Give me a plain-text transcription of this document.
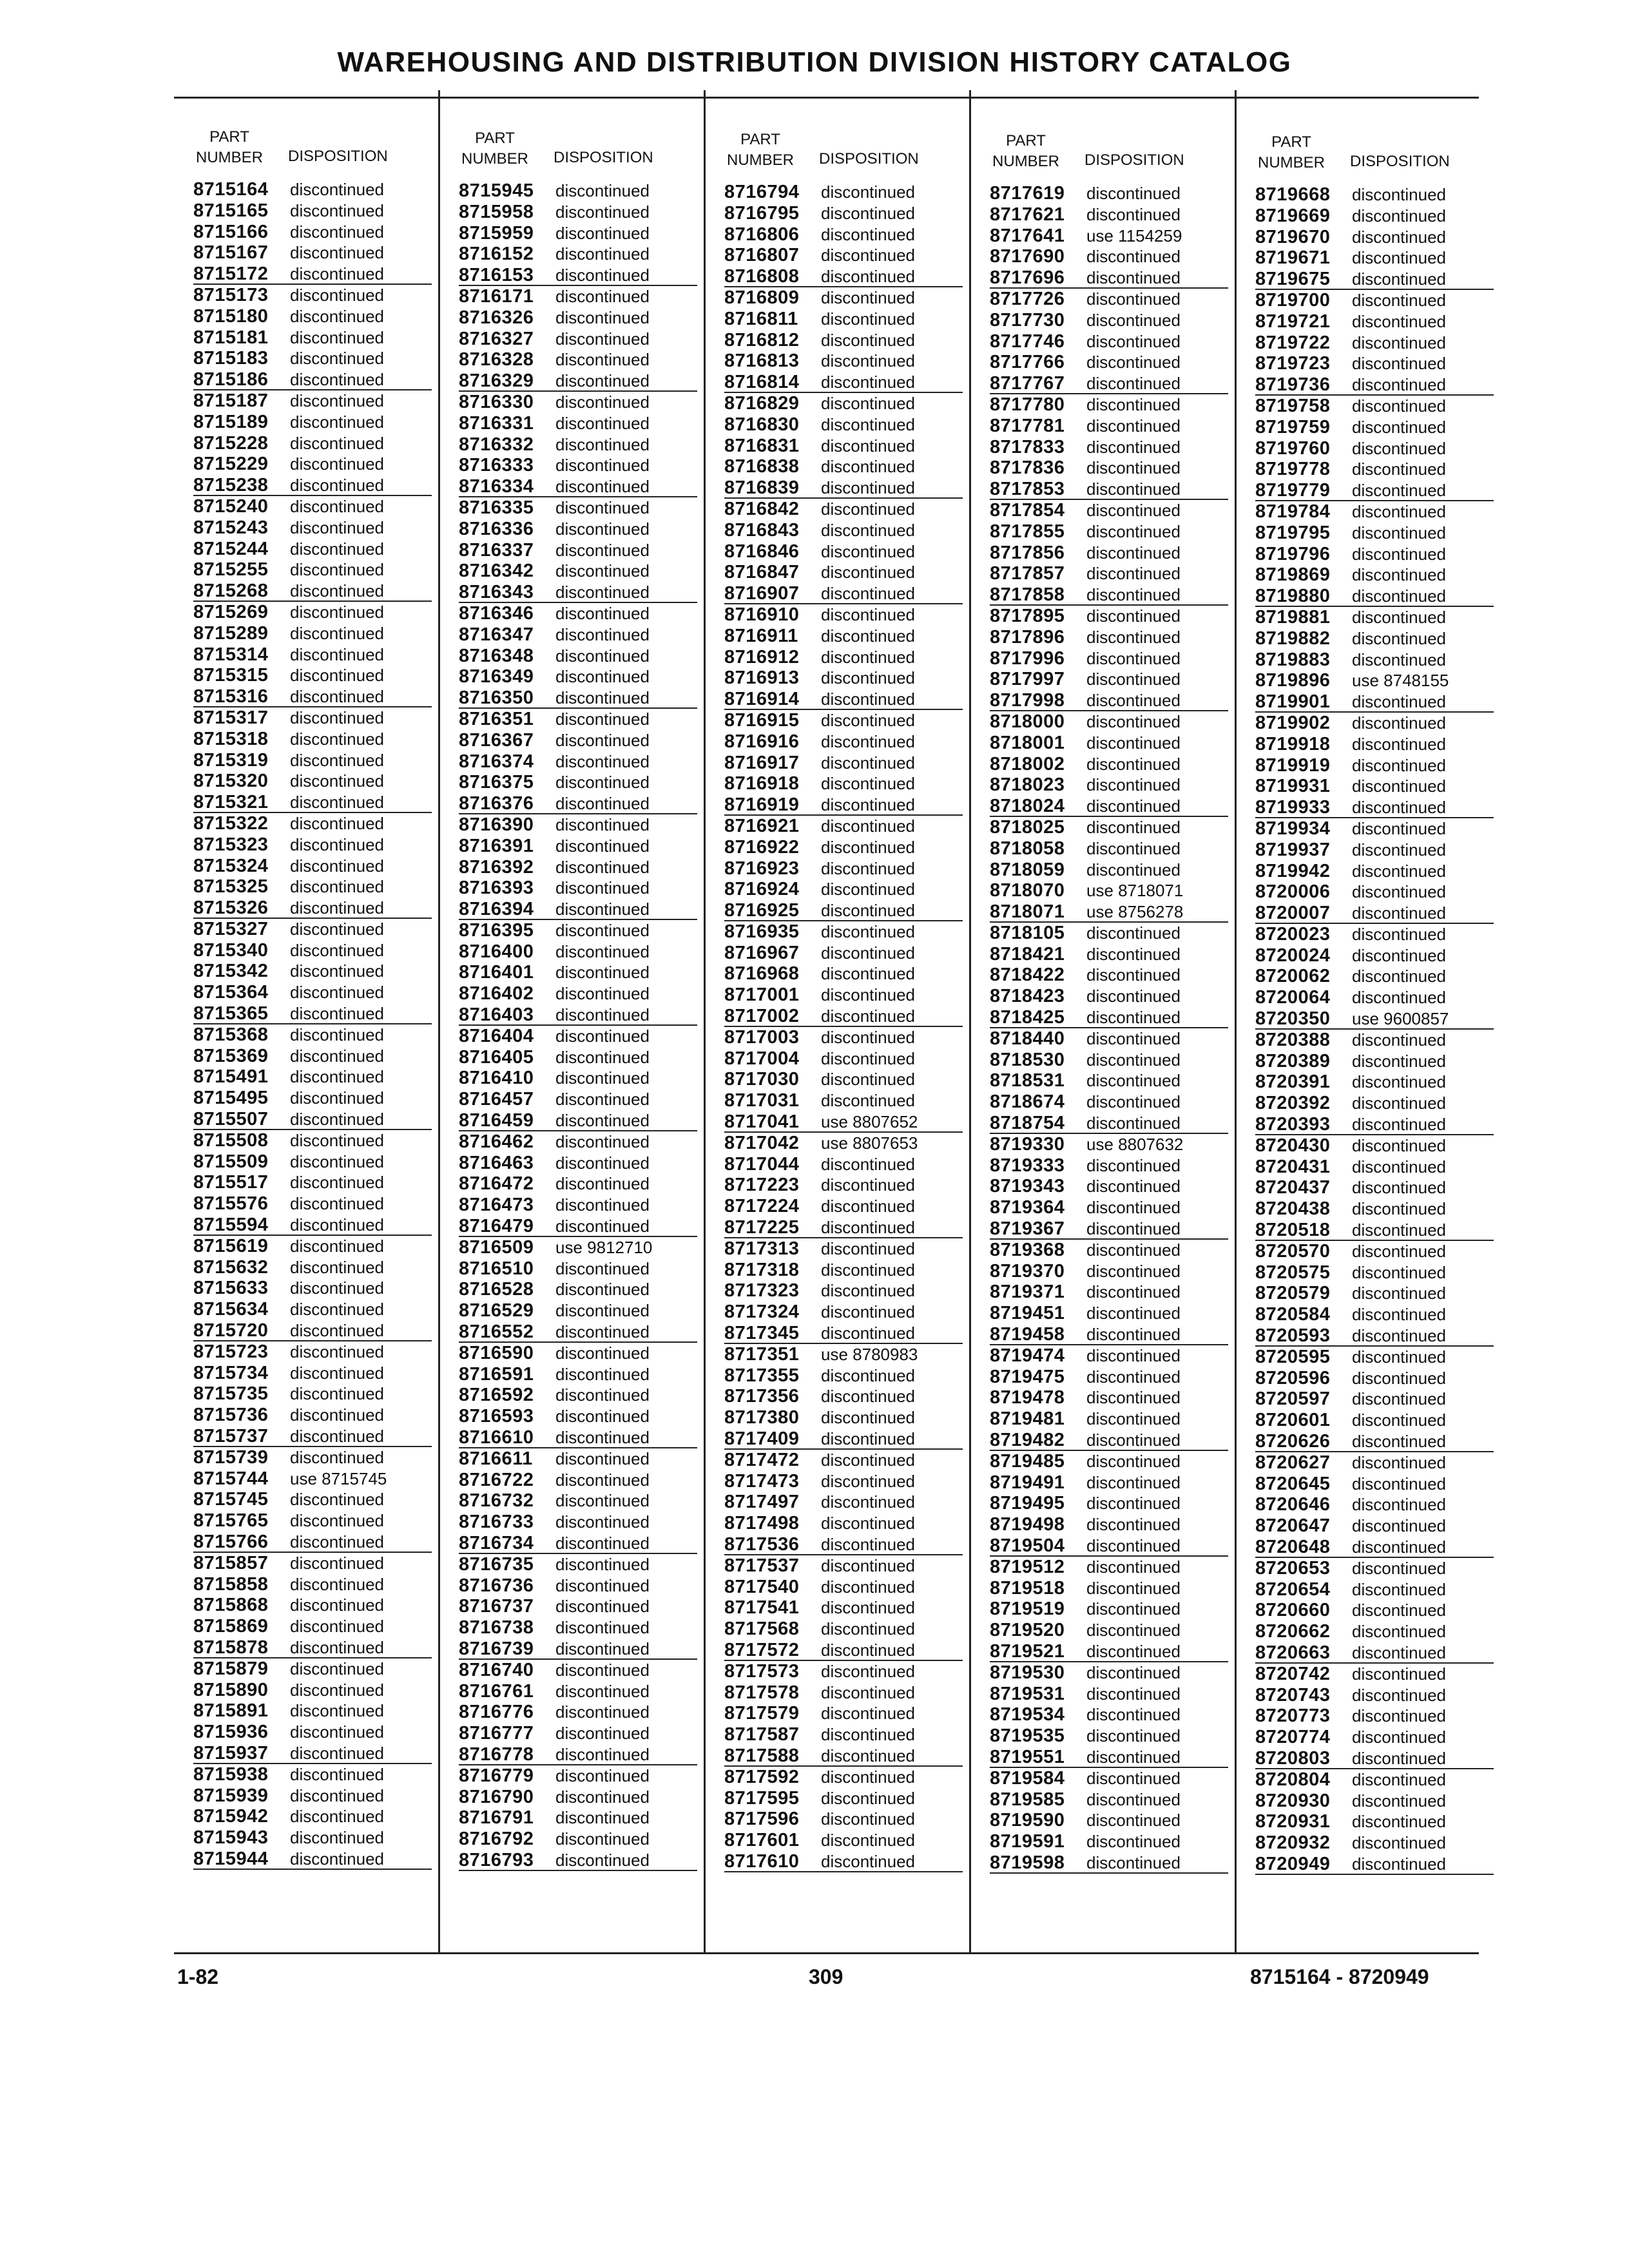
WAREHOUSING AND DISTRIBUTION DIVISION HISTORY CATALOG
PART
NUMBER DISPOSITION
8715164 discontinued
8715165 discontinued
8715166 discontinued
8715167 discontinued
8715172 discontinued
8715173 discontinued
8715180 discontinued
8715181 discontinued
8715183 discontinued
8715186 discontinued
8715187 discontinued
8715189 discontinued
8715228 discontinued
8715229 discontinued
8715238 discontinued
8715240 discontinued
8715243 discontinued
8715244 discontinued
8715255 discontinued
8715268 discontinued
8715269 discontinued
8715289 discontinued
8715314 discontinued
8715315 discontinued
8715316 discontinued
8715317 discontinued
8715318 discontinued
8715319 discontinued
8715320 discontinued
8715321 discontinued
8715322 discontinued
8715323 discontinued
8715324 discontinued
8715325 discontinued
8715326 discontinued
8715327 discontinued
8715340 discontinued
8715342 discontinued
8715364 discontinued
8715365 discontinued
8715368 discontinued
8715369 discontinued
8715491 discontinued
8715495 discontinued
8715507 discontinued
8715508 discontinued
8715509 discontinued
8715517 discontinued
8715576 discontinued
8715594 discontinued
8715619 discontinued
8715632 discontinued
8715633 discontinued
8715634 discontinued
8715720 discontinued
8715723 discontinued
8715734 discontinued
8715735 discontinued
8715736 discontinued
8715737 discontinued
8715739 discontinued
8715744 use 8715745
8715745 discontinued
8715765 discontinued
8715766 discontinued
8715857 discontinued
8715858 discontinued
8715868 discontinued
8715869 discontinued
8715878 discontinued
8715879 discontinued
8715890 discontinued
8715891 discontinued
8715936 discontinued
8715937 discontinued
8715938 discontinued
8715939 discontinued
8715942 discontinued
8715943 discontinued
8715944 discontinued
PART
NUMBER DISPOSITION
8715945 discontinued
8715958 discontinued
8715959 discontinued
8716152 discontinued
8716153 discontinued
8716171 discontinued
8716326 discontinued
8716327 discontinued
8716328 discontinued
8716329 discontinued
8716330 discontinued
8716331 discontinued
8716332 discontinued
8716333 discontinued
8716334 discontinued
8716335 discontinued
8716336 discontinued
8716337 discontinued
8716342 discontinued
8716343 discontinued
8716346 discontinued
8716347 discontinued
8716348 discontinued
8716349 discontinued
8716350 discontinued
8716351 discontinued
8716367 discontinued
8716374 discontinued
8716375 discontinued
8716376 discontinued
8716390 discontinued
8716391 discontinued
8716392 discontinued
8716393 discontinued
8716394 discontinued
8716395 discontinued
8716400 discontinued
8716401 discontinued
8716402 discontinued
8716403 discontinued
8716404 discontinued
8716405 discontinued
8716410 discontinued
8716457 discontinued
8716459 discontinued
8716462 discontinued
8716463 discontinued
8716472 discontinued
8716473 discontinued
8716479 discontinued
8716509 use 9812710
8716510 discontinued
8716528 discontinued
8716529 discontinued
8716552 discontinued
8716590 discontinued
8716591 discontinued
8716592 discontinued
8716593 discontinued
8716610 discontinued
8716611 discontinued
8716722 discontinued
8716732 discontinued
8716733 discontinued
8716734 discontinued
8716735 discontinued
8716736 discontinued
8716737 discontinued
8716738 discontinued
8716739 discontinued
8716740 discontinued
8716761 discontinued
8716776 discontinued
8716777 discontinued
8716778 discontinued
8716779 discontinued
8716790 discontinued
8716791 discontinued
8716792 discontinued
8716793 discontinued
PART
NUMBER DISPOSITION
8716794 discontinued
8716795 discontinued
8716806 discontinued
8716807 discontinued
8716808 discontinued
8716809 discontinued
8716811 discontinued
8716812 discontinued
8716813 discontinued
8716814 discontinued
8716829 discontinued
8716830 discontinued
8716831 discontinued
8716838 discontinued
8716839 discontinued
8716842 discontinued
8716843 discontinued
8716846 discontinued
8716847 discontinued
8716907 discontinued
8716910 discontinued
8716911 discontinued
8716912 discontinued
8716913 discontinued
8716914 discontinued
8716915 discontinued
8716916 discontinued
8716917 discontinued
8716918 discontinued
8716919 discontinued
8716921 discontinued
8716922 discontinued
8716923 discontinued
8716924 discontinued
8716925 discontinued
8716935 discontinued
8716967 discontinued
8716968 discontinued
8717001 discontinued
8717002 discontinued
8717003 discontinued
8717004 discontinued
8717030 discontinued
8717031 discontinued
8717041 use 8807652
8717042 use 8807653
8717044 discontinued
8717223 discontinued
8717224 discontinued
8717225 discontinued
8717313 discontinued
8717318 discontinued
8717323 discontinued
8717324 discontinued
8717345 discontinued
8717351 use 8780983
8717355 discontinued
8717356 discontinued
8717380 discontinued
8717409 discontinued
8717472 discontinued
8717473 discontinued
8717497 discontinued
8717498 discontinued
8717536 discontinued
8717537 discontinued
8717540 discontinued
8717541 discontinued
8717568 discontinued
8717572 discontinued
8717573 discontinued
8717578 discontinued
8717579 discontinued
8717587 discontinued
8717588 discontinued
8717592 discontinued
8717595 discontinued
8717596 discontinued
8717601 discontinued
8717610 discontinued
PART
NUMBER DISPOSITION
8717619 discontinued
8717621 discontinued
8717641 use 1154259
8717690 discontinued
8717696 discontinued
8717726 discontinued
8717730 discontinued
8717746 discontinued
8717766 discontinued
8717767 discontinued
8717780 discontinued
8717781 discontinued
8717833 discontinued
8717836 discontinued
8717853 discontinued
8717854 discontinued
8717855 discontinued
8717856 discontinued
8717857 discontinued
8717858 discontinued
8717895 discontinued
8717896 discontinued
8717996 discontinued
8717997 discontinued
8717998 discontinued
8718000 discontinued
8718001 discontinued
8718002 discontinued
8718023 discontinued
8718024 discontinued
8718025 discontinued
8718058 discontinued
8718059 discontinued
8718070 use 8718071
8718071 use 8756278
8718105 discontinued
8718421 discontinued
8718422 discontinued
8718423 discontinued
8718425 discontinued
8718440 discontinued
8718530 discontinued
8718531 discontinued
8718674 discontinued
8718754 discontinued
8719330 use 8807632
8719333 discontinued
8719343 discontinued
8719364 discontinued
8719367 discontinued
8719368 discontinued
8719370 discontinued
8719371 discontinued
8719451 discontinued
8719458 discontinued
8719474 discontinued
8719475 discontinued
8719478 discontinued
8719481 discontinued
8719482 discontinued
8719485 discontinued
8719491 discontinued
8719495 discontinued
8719498 discontinued
8719504 discontinued
8719512 discontinued
8719518 discontinued
8719519 discontinued
8719520 discontinued
8719521 discontinued
8719530 discontinued
8719531 discontinued
8719534 discontinued
8719535 discontinued
8719551 discontinued
8719584 discontinued
8719585 discontinued
8719590 discontinued
8719591 discontinued
8719598 discontinued
PART
NUMBER DISPOSITION
8719668 discontinued
8719669 discontinued
8719670 discontinued
8719671 discontinued
8719675 discontinued
8719700 discontinued
8719721 discontinued
8719722 discontinued
8719723 discontinued
8719736 discontinued
8719758 discontinued
8719759 discontinued
8719760 discontinued
8719778 discontinued
8719779 discontinued
8719784 discontinued
8719795 discontinued
8719796 discontinued
8719869 discontinued
8719880 discontinued
8719881 discontinued
8719882 discontinued
8719883 discontinued
8719896 use 8748155
8719901 discontinued
8719902 discontinued
8719918 discontinued
8719919 discontinued
8719931 discontinued
8719933 discontinued
8719934 discontinued
8719937 discontinued
8719942 discontinued
8720006 discontinued
8720007 discontinued
8720023 discontinued
8720024 discontinued
8720062 discontinued
8720064 discontinued
8720350 use 9600857
8720388 discontinued
8720389 discontinued
8720391 discontinued
8720392 discontinued
8720393 discontinued
8720430 discontinued
8720431 discontinued
8720437 discontinued
8720438 discontinued
8720518 discontinued
8720570 discontinued
8720575 discontinued
8720579 discontinued
8720584 discontinued
8720593 discontinued
8720595 discontinued
8720596 discontinued
8720597 discontinued
8720601 discontinued
8720626 discontinued
8720627 discontinued
8720645 discontinued
8720646 discontinued
8720647 discontinued
8720648 discontinued
8720653 discontinued
8720654 discontinued
8720660 discontinued
8720662 discontinued
8720663 discontinued
8720742 discontinued
8720743 discontinued
8720773 discontinued
8720774 discontinued
8720803 discontinued
8720804 discontinued
8720930 discontinued
8720931 discontinued
8720932 discontinued
8720949 discontinued
1-82	309	8715164 - 8720949
